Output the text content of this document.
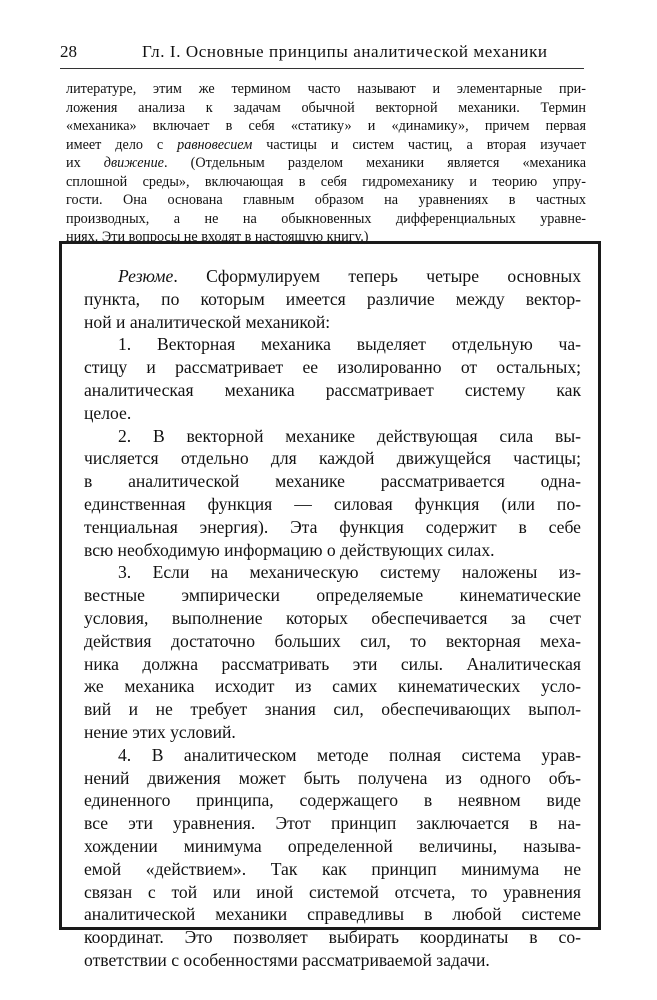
28	Гл. I. Основные принципы аналитической механики
литературе, этим же термином часто называют и элементарные при-
ложения анализа к задачам обычной векторной механики. Термин
«механика» включает в себя «статику» и «динамику», причем первая
имеет дело с равновесием частицы и систем частиц, а вторая изучает
их движение. (Отдельным разделом механики является «механика
сплошной среды», включающая в себя гидромеханику и теорию упру-
гости. Она основана главным образом на уравнениях в частных
производных, а не на обыкновенных дифференциальных уравне-
ниях. Эти вопросы не входят в настоящую книгу.)
Резюме. Сформулируем теперь четыре основных
пункта, по которым имеется различие между вектор-
ной и аналитической механикой:
1. Векторная механика выделяет отдельную ча-
стицу и рассматривает ее изолированно от остальных;
аналитическая механика рассматривает систему как
целое.
2. В векторной механике действующая сила вы-
числяется отдельно для каждой движущейся частицы;
в аналитической механике рассматривается одна-
единственная функция — силовая функция (или по-
тенциальная энергия). Эта функция содержит в себе
всю необходимую информацию о действующих силах.
3. Если на механическую систему наложены из-
вестные эмпирически определяемые кинематические
условия, выполнение которых обеспечивается за счет
действия достаточно больших сил, то векторная меха-
ника должна рассматривать эти силы. Аналитическая
же механика исходит из самих кинематических усло-
вий и не требует знания сил, обеспечивающих выпол-
нение этих условий.
4. В аналитическом методе полная система урав-
нений движения может быть получена из одного объ-
единенного принципа, содержащего в неявном виде
все эти уравнения. Этот принцип заключается в на-
хождении минимума определенной величины, называ-
емой «действием». Так как принцип минимума не
связан с той или иной системой отсчета, то уравнения
аналитической механики справедливы в любой системе
координат. Это позволяет выбирать координаты в со-
ответствии с особенностями рассматриваемой задачи.
